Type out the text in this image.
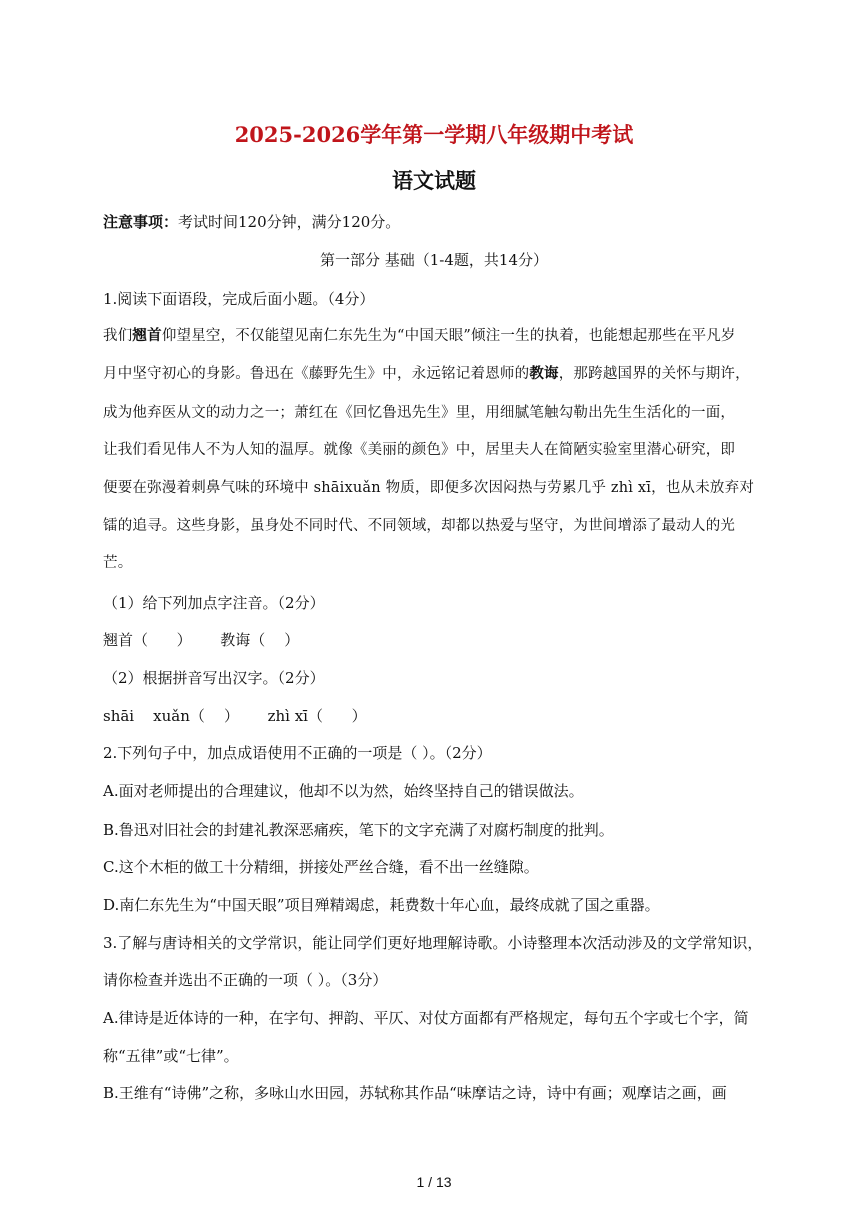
2025-2026学年第一学期八年级期中考试
语文试题
注意事项：考试时间120分钟，满分120分。
第一部分 基础（1-4题，共14分）
1.阅读下面语段，完成后面小题。（4分）
我们翘首仰望星空，不仅能望见南仁东先生为“中国天眼”倾注一生的执着，也能想起那些在平凡岁
月中坚守初心的身影。鲁迅在《藤野先生》中，永远铭记着恩师的教诲，那跨越国界的关怀与期许，
成为他弃医从文的动力之一；萧红在《回忆鲁迅先生》里，用细腻笔触勾勒出先生生活化的一面，
让我们看见伟人不为人知的温厚。就像《美丽的颜色》中，居里夫人在简陋实验室里潜心研究，即
便要在弥漫着刺鼻气味的环境中 shāixuǎn 物质，即便多次因闷热与劳累几乎 zhì xī，也从未放弃对
镭的追寻。这些身影，虽身处不同时代、不同领域，却都以热爱与坚守，为世间增添了最动人的光
芒。
（1）给下列加点字注音。（2分）
翘首（      ）      教诲（    ）
（2）根据拼音写出汉字。（2分）
shāi    xuǎn（    ）      zhì xī（      ）
2.下列句子中，加点成语使用不正确的一项是（ ）。（2分）
A.面对老师提出的合理建议，他却不以为然，始终坚持自己的错误做法。
B.鲁迅对旧社会的封建礼教深恶痛疾，笔下的文字充满了对腐朽制度的批判。
C.这个木柜的做工十分精细，拼接处严丝合缝，看不出一丝缝隙。
D.南仁东先生为“中国天眼”项目殚精竭虑，耗费数十年心血，最终成就了国之重器。
3.了解与唐诗相关的文学常识，能让同学们更好地理解诗歌。小诗整理本次活动涉及的文学常知识，
请你检查并选出不正确的一项（ ）。（3分）
A.律诗是近体诗的一种，在字句、押韵、平仄、对仗方面都有严格规定，每句五个字或七个字，简
称“五律”或“七律”。
B.王维有“诗佛”之称，多咏山水田园，苏轼称其作品“味摩诘之诗，诗中有画；观摩诘之画，画
1 / 13
